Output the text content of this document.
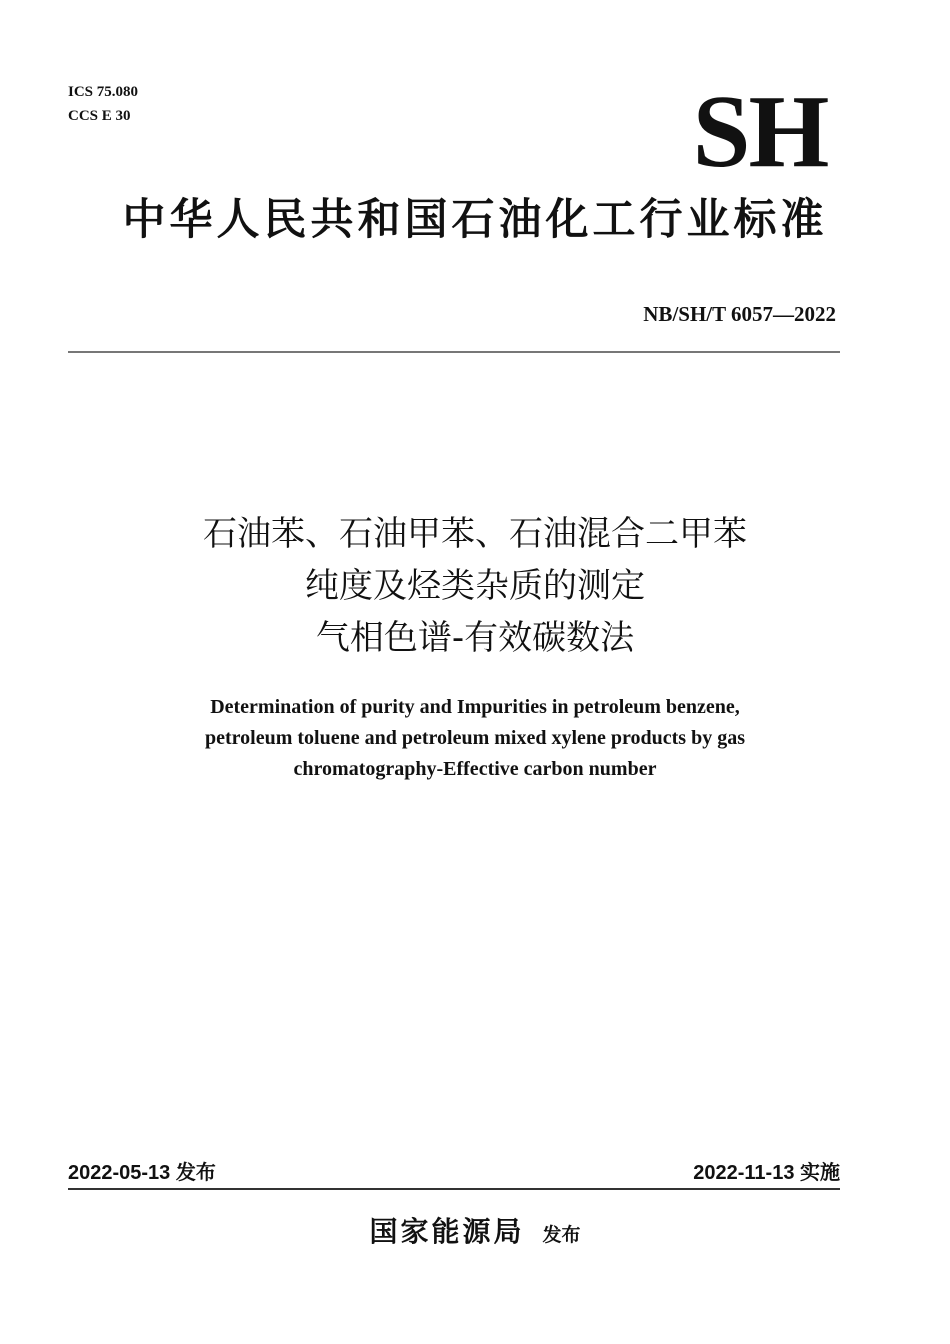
ICS 75.080
CCS E 30	SH
中华人民共和国石油化工行业标准
NB/SH/T 6057—2022
石油苯、石油甲苯、石油混合二甲苯
纯度及烃类杂质的测定
气相色谱-有效碳数法
Determination of purity and Impurities in petroleum benzene,
petroleum toluene and petroleum mixed xylene products by gas
chromatography-Effective carbon number
2022-05-13 发布	2022-11-13 实施
国家能源局 发布
